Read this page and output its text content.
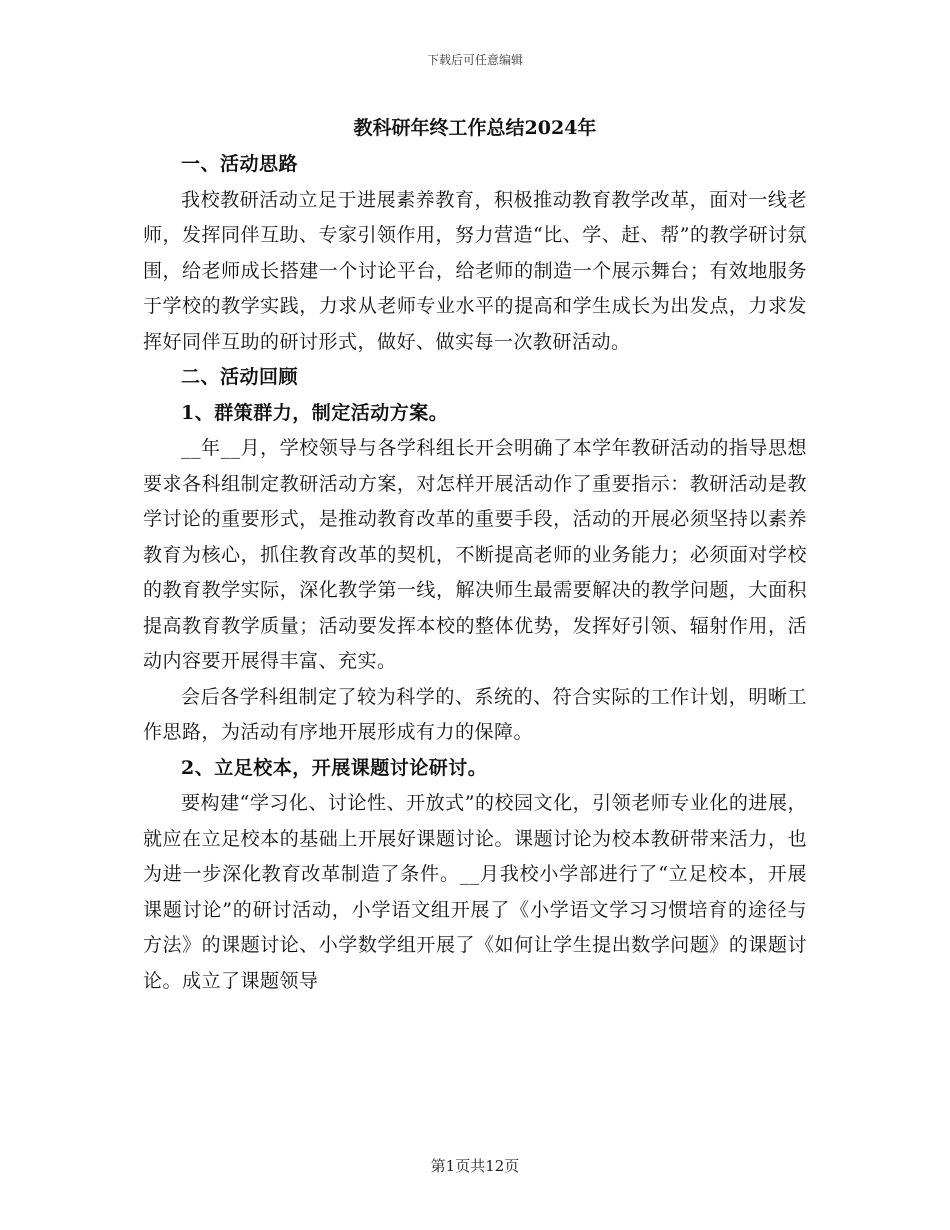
下载后可任意编辑
教科研年终工作总结2024年

一、活动思路

我校教研活动立足于进展素养教育，积极推动教育教学改革，面对一线老师，发挥同伴互助、专家引领作用，努力营造“比、学、赶、帮”的教学研讨氛围，给老师成长搭建一个讨论平台，给老师的制造一个展示舞台；有效地服务于学校的教学实践，力求从老师专业水平的提高和学生成长为出发点，力求发挥好同伴互助的研讨形式，做好、做实每一次教研活动。

二、活动回顾

1、群策群力，制定活动方案。

__年__月，学校领导与各学科组长开会明确了本学年教研活动的指导思想要求各科组制定教研活动方案，对怎样开展活动作了重要指示：教研活动是教学讨论的重要形式，是推动教育改革的重要手段，活动的开展必须坚持以素养教育为核心，抓住教育改革的契机，不断提高老师的业务能力；必须面对学校的教育教学实际，深化教学第一线，解决师生最需要解决的教学问题，大面积提高教育教学质量；活动要发挥本校的整体优势，发挥好引领、辐射作用，活动内容要开展得丰富、充实。

会后各学科组制定了较为科学的、系统的、符合实际的工作计划，明晰工作思路，为活动有序地开展形成有力的保障。

2、立足校本，开展课题讨论研讨。

要构建“学习化、讨论性、开放式”的校园文化，引领老师专业化的进展，就应在立足校本的基础上开展好课题讨论。课题讨论为校本教研带来活力，也为进一步深化教育改革制造了条件。__月我校小学部进行了“立足校本，开展课题讨论”的研讨活动，小学语文组开展了《小学语文学习习惯培育的途径与方法》的课题讨论、小学数学组开展了《如何让学生提出数学问题》的课题讨论。成立了课题领导

第1页共12页
